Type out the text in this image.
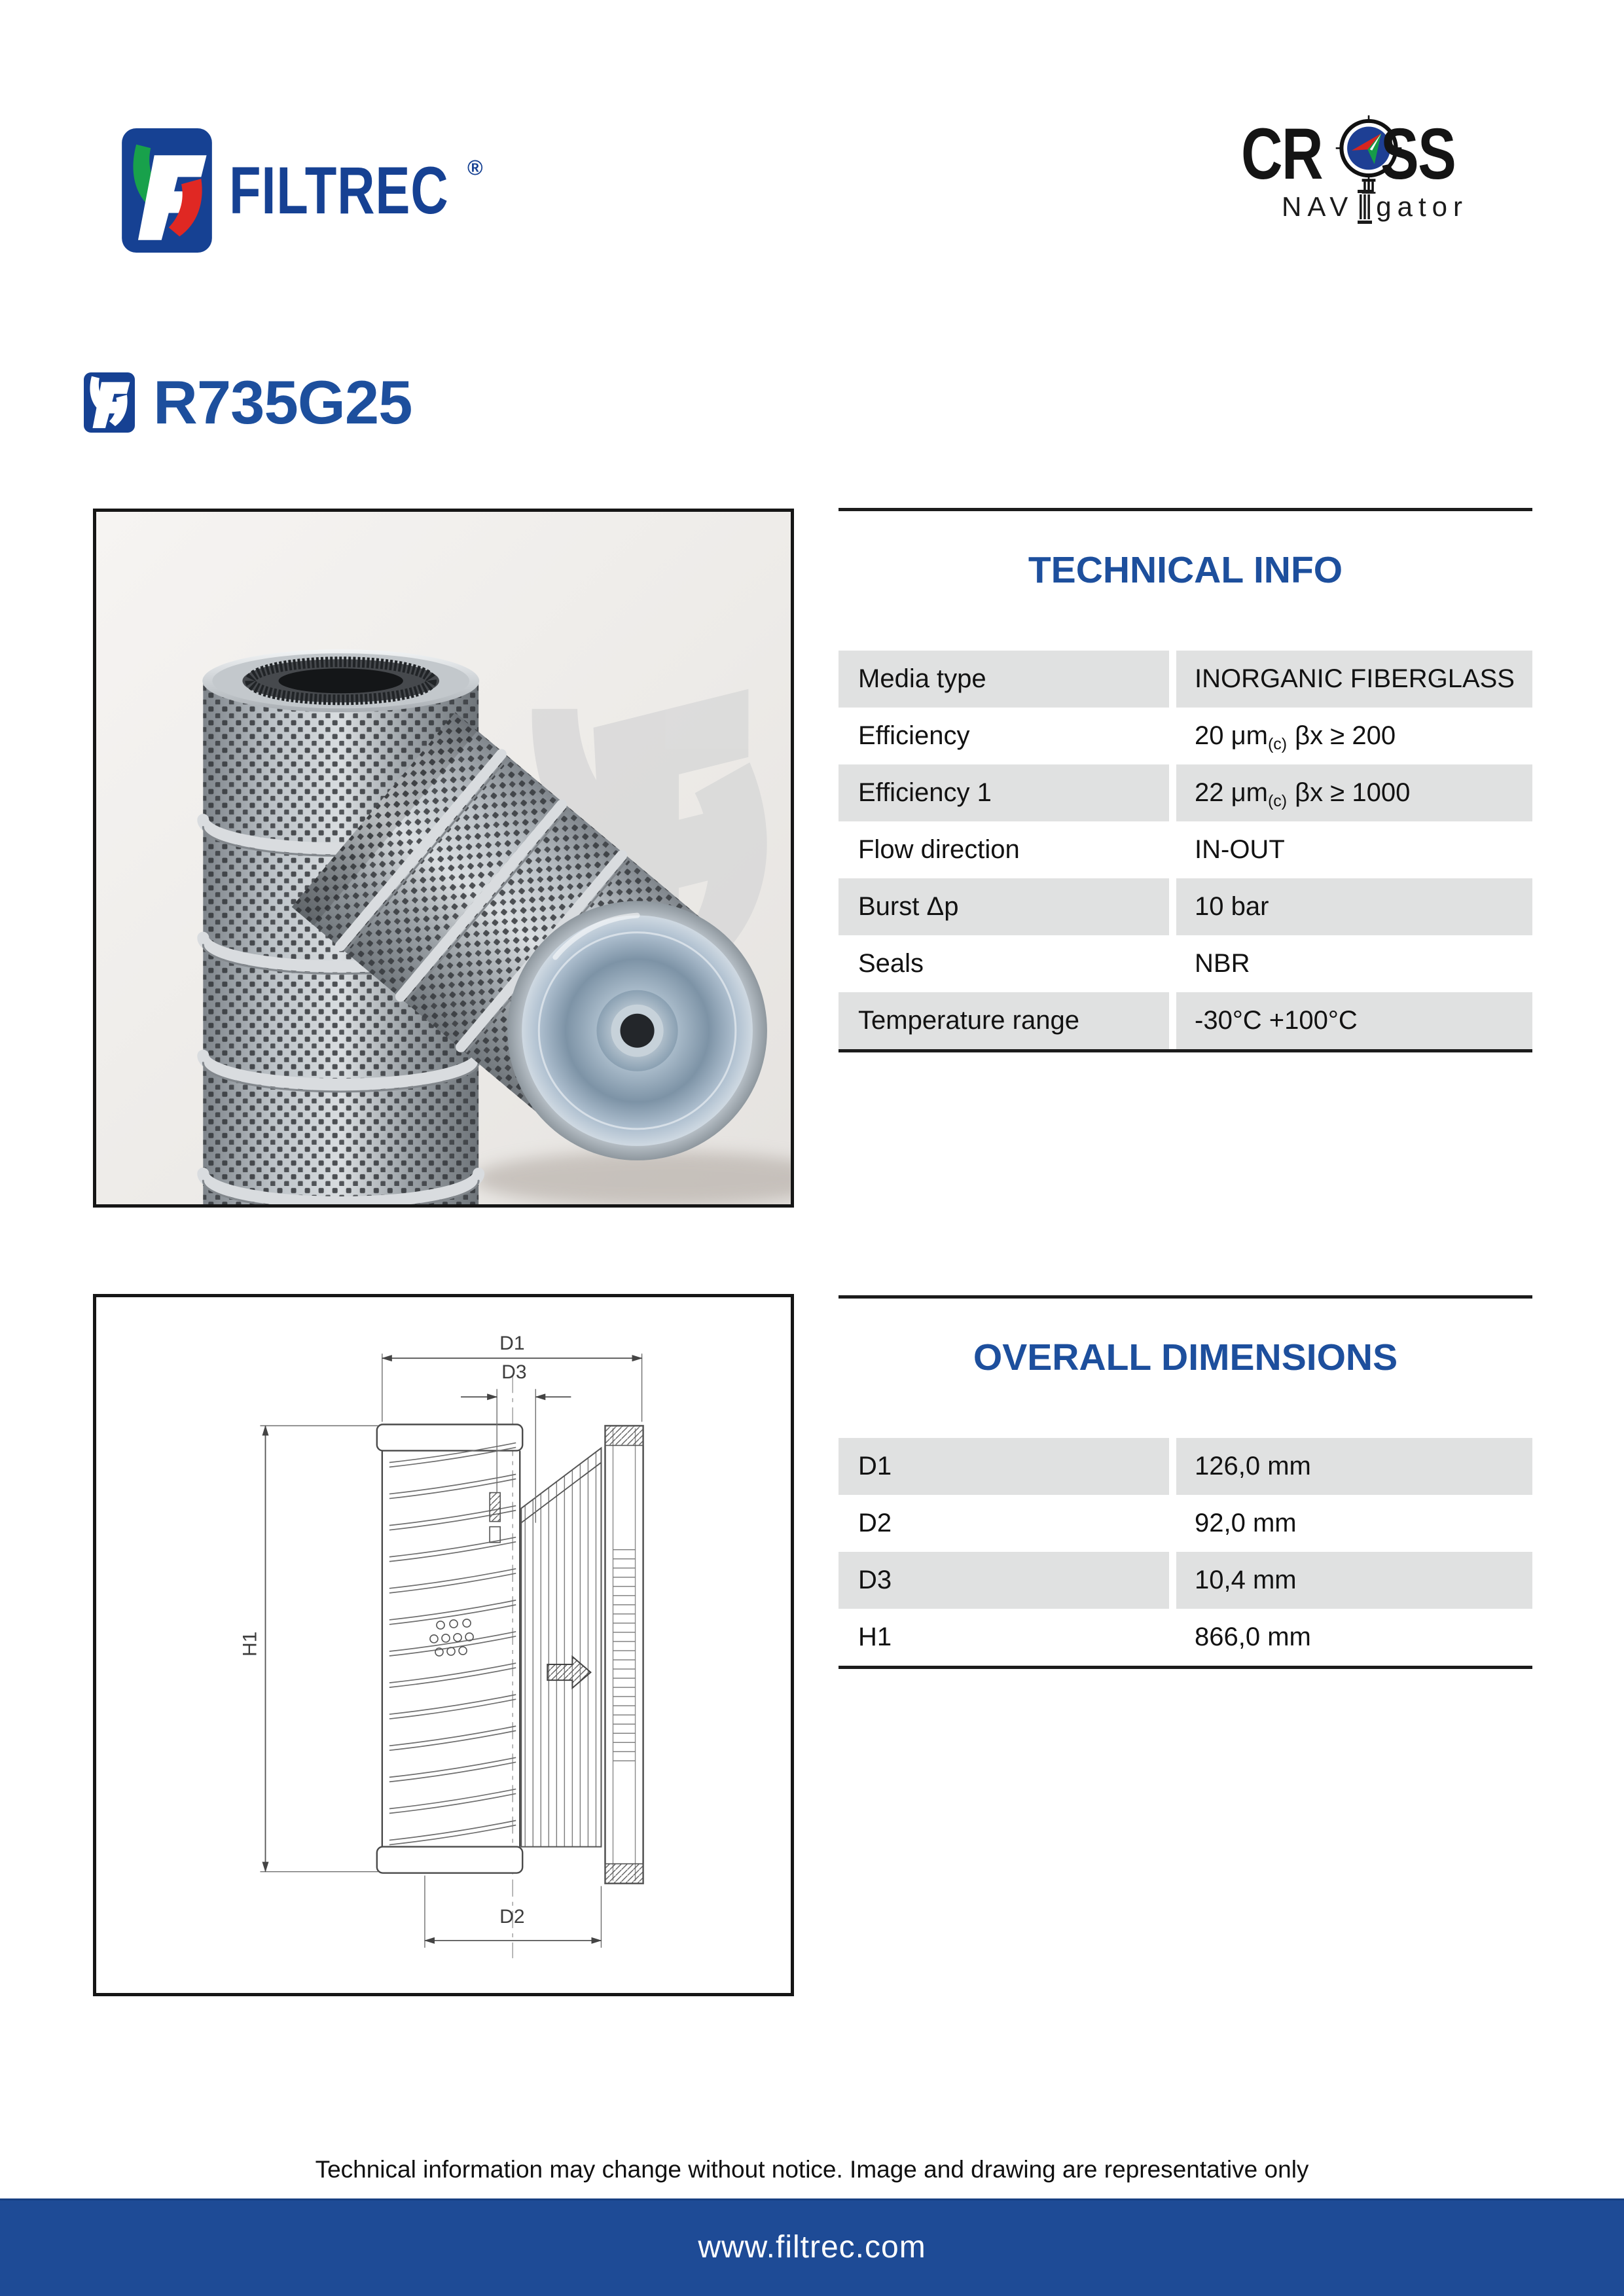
FILTREC ®	CR SS
NAV gator
R735G25
D1
D3
D2
H1
TECHNICAL INFO
Media type	INORGANIC FIBERGLASS
Efficiency	20 $\mu m_{(c)}$ βx ≥ 200
Efficiency 1	22 $\mu m_{(c)}$ βx ≥ 1000
Flow direction	IN-OUT
Burst Δp	10 bar
Seals	NBR
Temperature range	-30°C +100°C
OVERALL DIMENSIONS
D1	126,0 mm
D2	92,0 mm
D3	10,4 mm
H1	866,0 mm
Technical information may change without notice. Image and drawing are representative only
www.filtrec.com
